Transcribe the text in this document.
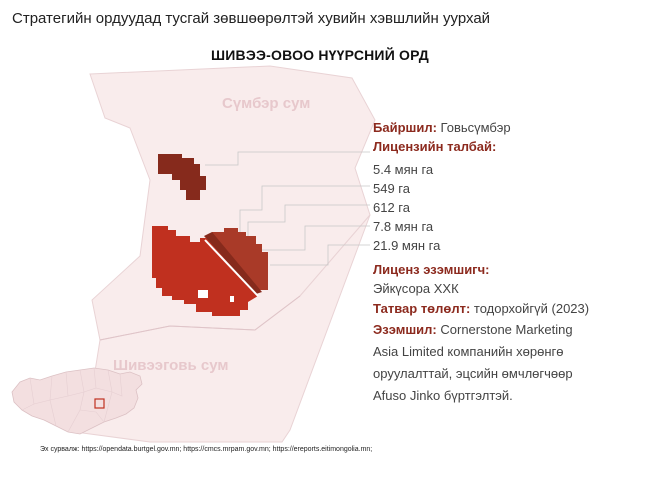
Стратегийн ордуудад тусгай зөвшөөрөлтэй хувийн хэвшлийн уурхай
ШИВЭЭ-ОВОО НҮҮРСНИЙ ОРД
Сүмбэр сум
Шивээговь сум
Байршил: Говьсүмбэр
Лицензийн талбай:
5.4 мян га
549 га
612 га
7.8 мян га
21.9 мян га
Лиценз эзэмшигч:
Эйкүсора ХХК
Татвар төлөлт: тодорхойгүй (2023)
Эзэмшил: Cornerstone Marketing
Asia Limited компанийн хөрөнгө
оруулалттай, эцсийн өмчлөгчөөр
Afuso Jinko бүртгэлтэй.
Эх сурвалж: https://opendata.burtgel.gov.mn; https://cmcs.mrpam.gov.mn; https://ereports.eitimongolia.mn;
